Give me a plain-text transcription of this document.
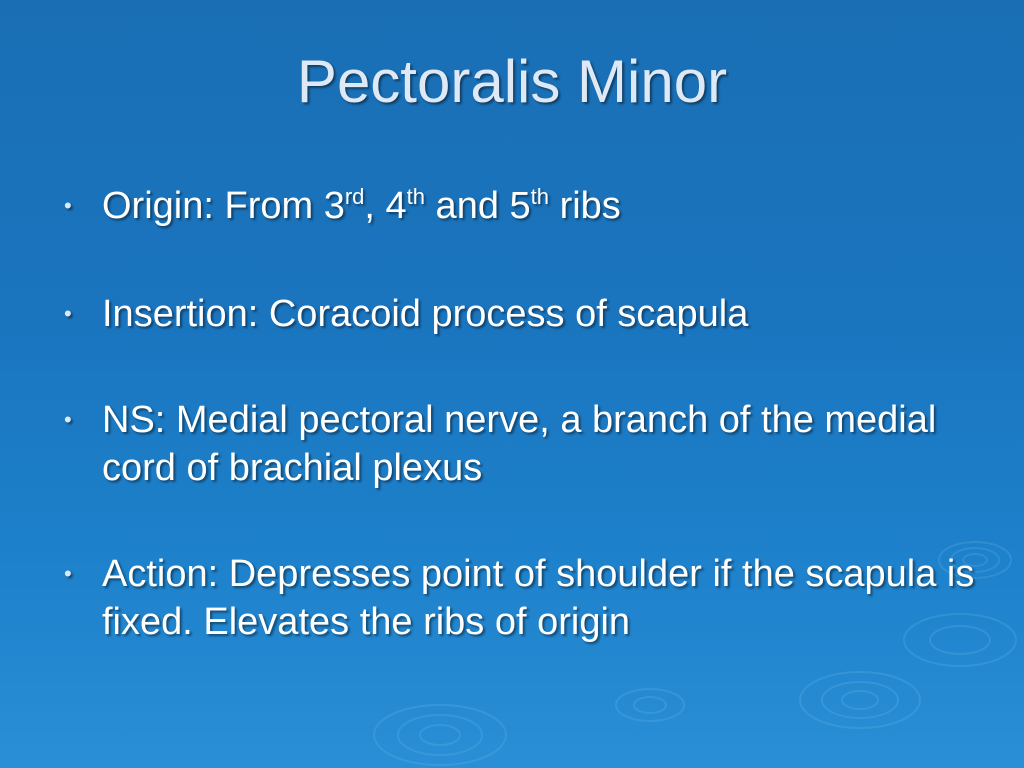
Pectoralis Minor
• Origin: From 3rd, 4th and 5th ribs
• Insertion: Coracoid process of scapula
• NS: Medial pectoral nerve, a branch of the medial cord of brachial plexus
• Action: Depresses point of shoulder if the scapula is fixed. Elevates the ribs of origin
